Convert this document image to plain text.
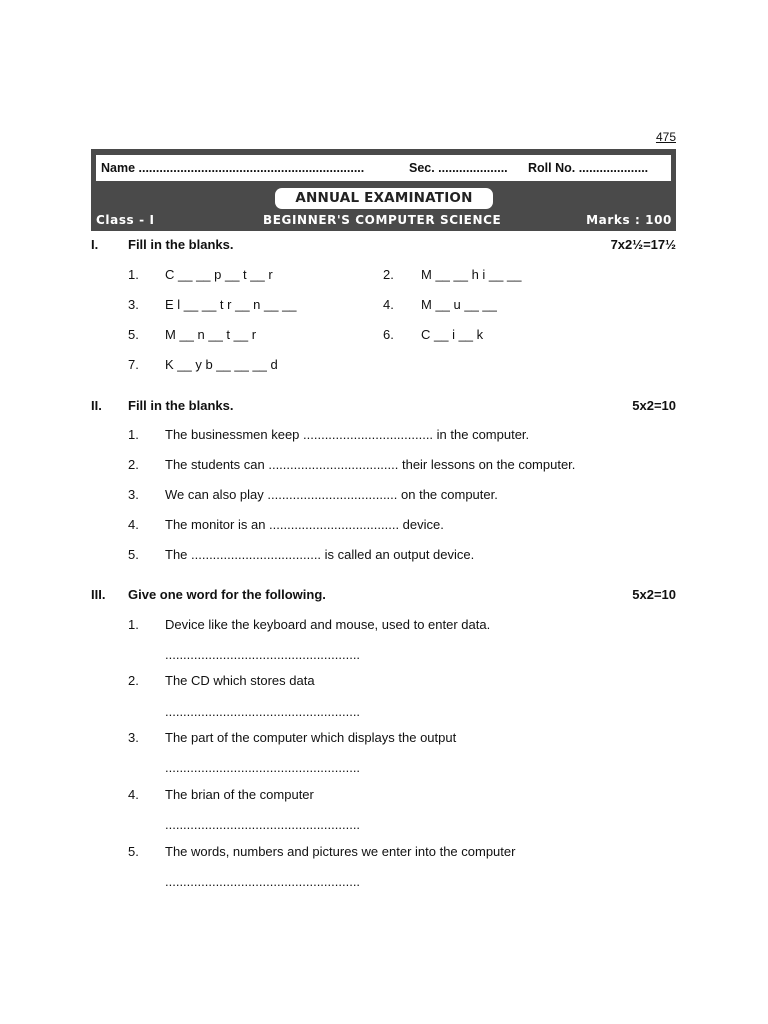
475
Name .................................................................	Sec. .................... Roll No. ....................
ANNUAL EXAMINATION
Class - I	BEGINNER'S COMPUTER SCIENCE	Marks : 100
I. Fill in the blanks.	7x2½=17½
1. C __ __ p __ t __ r	2. M __ __ h i __ __
3. E l __ __ t r __ n __ __	4. M __ u __ __
5. M __ n __ t __ r	6. C __ i __ k
7. K __ y b __ __ __ d
II. Fill in the blanks.	5x2=10
1. The businessmen keep .................................... in the computer.
2. The students can .................................... their lessons on the computer.
3. We can also play .................................... on the computer.
4. The monitor is an .................................... device.
5. The .................................... is called an output device.
III. Give one word for the following.	5x2=10
1. Device like the keyboard and mouse, used to enter data.
......................................................
2. The CD which stores data
......................................................
3. The part of the computer which displays the output
......................................................
4. The brian of the computer
......................................................
5. The words, numbers and pictures we enter into the computer
......................................................
